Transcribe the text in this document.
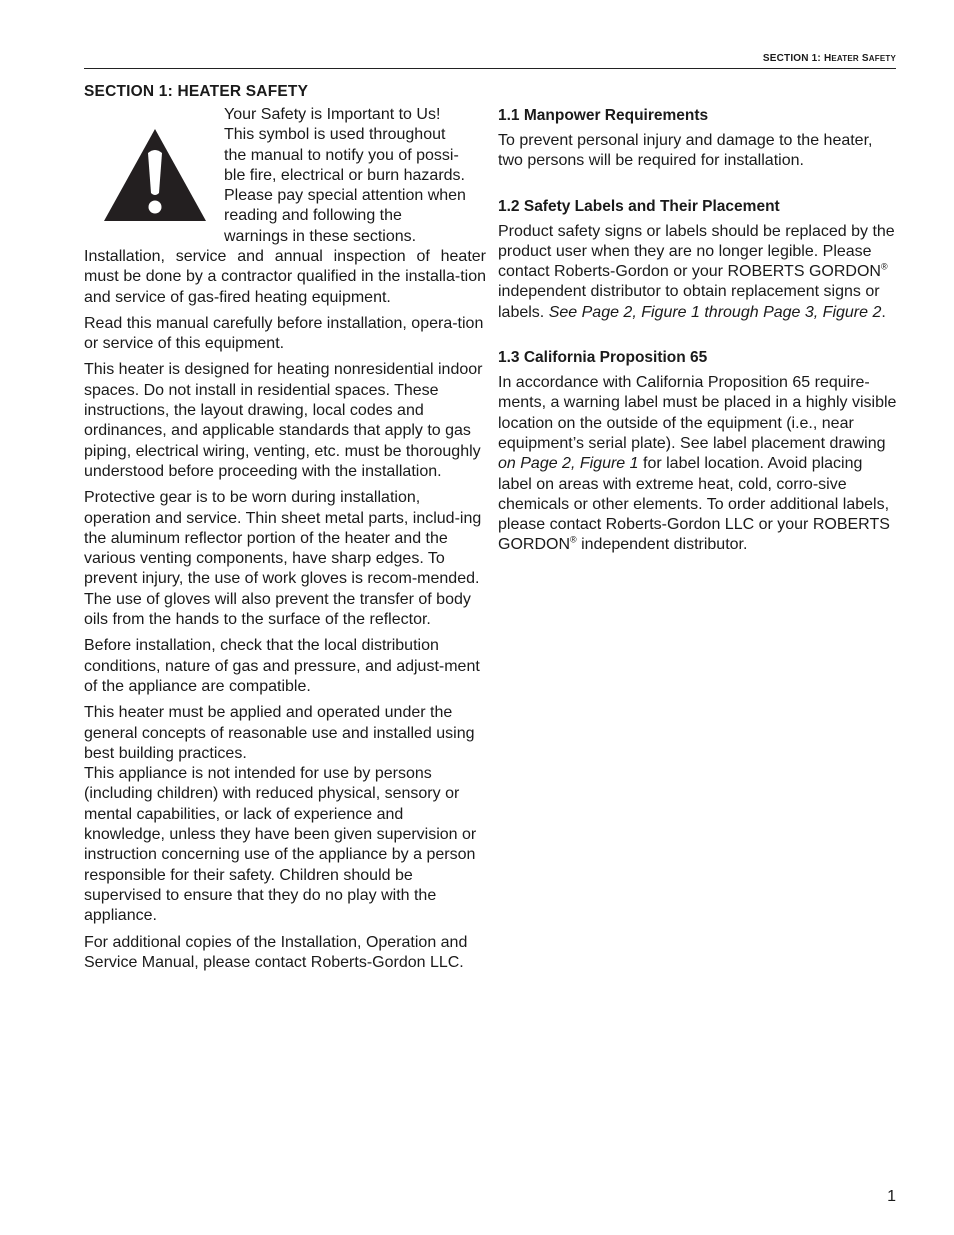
SECTION 1: HEATER SAFETY
SECTION 1: HEATER SAFETY
Your Safety is Important to Us!
This symbol is used throughout
the manual to notify you of possi-
ble fire, electrical or burn hazards.
Please pay special attention when
reading and following the
warnings in these sections.

Installation, service and annual inspection of heater must be done by a contractor qualified in the installa-tion and service of gas-fired heating equipment.

Read this manual carefully before installation, opera-tion or service of this equipment.

This heater is designed for heating nonresidential indoor spaces. Do not install in residential spaces. These instructions, the layout drawing, local codes and ordinances, and applicable standards that apply to gas piping, electrical wiring, venting, etc. must be thoroughly understood before proceeding with the installation.

Protective gear is to be worn during installation, operation and service. Thin sheet metal parts, includ-ing the aluminum reflector portion of the heater and the various venting components, have sharp edges. To prevent injury, the use of work gloves is recom-mended. The use of gloves will also prevent the transfer of body oils from the hands to the surface of the reflector.

Before installation, check that the local distribution conditions, nature of gas and pressure, and adjust-ment of the appliance are compatible.

This heater must be applied and operated under the general concepts of reasonable use and installed using best building practices.

This appliance is not intended for use by persons (including children) with reduced physical, sensory or mental capabilities, or lack of experience and knowledge, unless they have been given supervision or instruction concerning use of the appliance by a person responsible for their safety. Children should be supervised to ensure that they do no play with the appliance.

For additional copies of the Installation, Operation and Service Manual, please contact Roberts-Gordon LLC.

1.1 Manpower Requirements

To prevent personal injury and damage to the heater, two persons will be required for installation.

1.2 Safety Labels and Their Placement

Product safety signs or labels should be replaced by the product user when they are no longer legible. Please contact Roberts-Gordon or your ROBERTS GORDON® independent distributor to obtain replacement signs or labels. See Page 2, Figure 1 through Page 3, Figure 2.

1.3 California Proposition 65

In accordance with California Proposition 65 require-ments, a warning label must be placed in a highly visible location on the outside of the equipment (i.e., near equipment’s serial plate). See label placement drawing on Page 2, Figure 1 for label location. Avoid placing label on areas with extreme heat, cold, corro-sive chemicals or other elements. To order additional labels, please contact Roberts-Gordon LLC or your ROBERTS GORDON® independent distributor.

1
